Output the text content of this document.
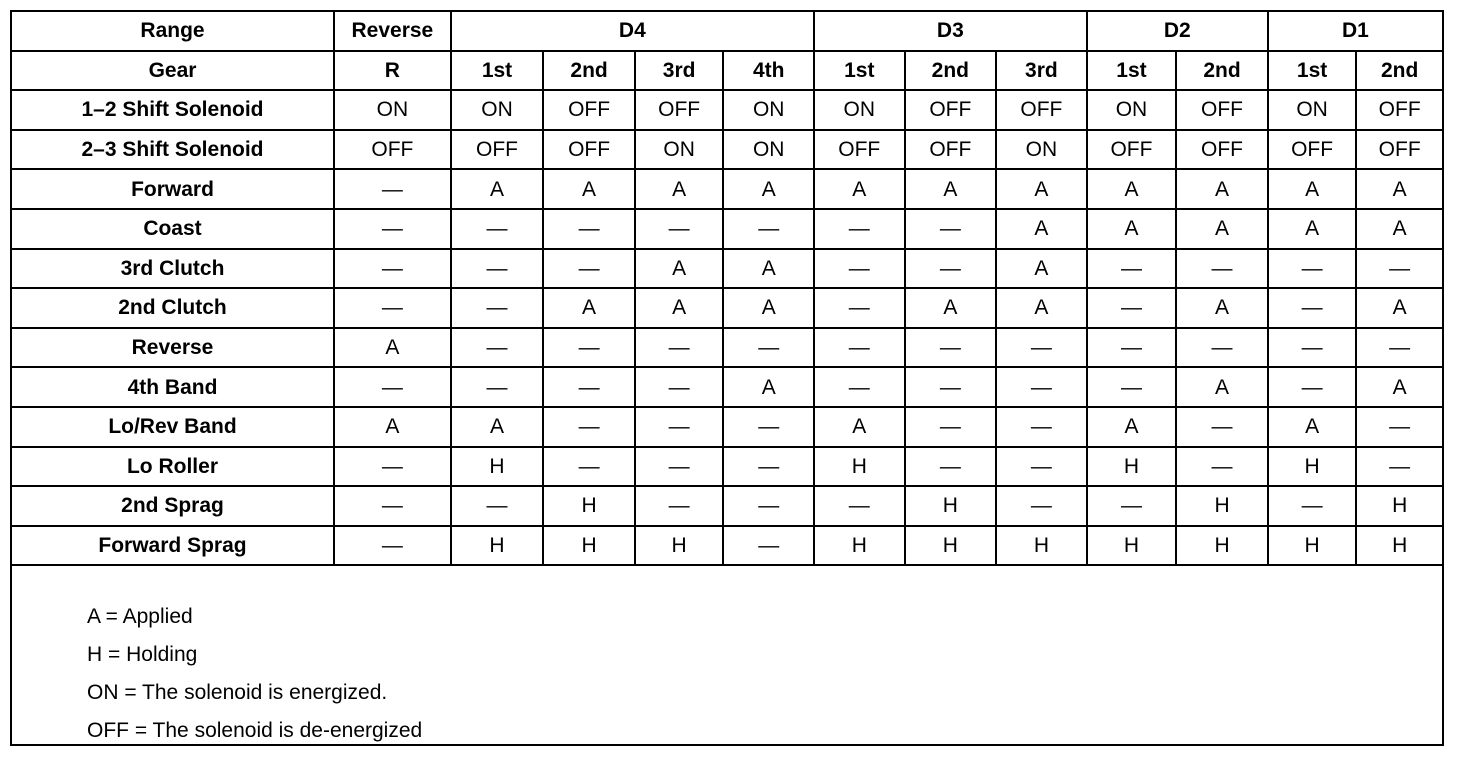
Range	Reverse	D4				D3			D2		D1	
Gear	R	1st	2nd	3rd	4th	1st	2nd	3rd	1st	2nd	1st	2nd
1–2 Shift Solenoid	ON	ON	OFF	OFF	ON	ON	OFF	OFF	ON	OFF	ON	OFF
2–3 Shift Solenoid	OFF	OFF	OFF	ON	ON	OFF	OFF	ON	OFF	OFF	OFF	OFF
Forward	—	A	A	A	A	A	A	A	A	A	A	A
Coast	—	—	—	—	—	—	—	A	A	A	A	A
3rd Clutch	—	—	—	A	A	—	—	A	—	—	—	—
2nd Clutch	—	—	A	A	A	—	A	A	—	A	—	A
Reverse	A	—	—	—	—	—	—	—	—	—	—	—
4th Band	—	—	—	—	A	—	—	—	—	A	—	A
Lo/Rev Band	A	A	—	—	—	A	—	—	A	—	A	—
Lo Roller	—	H	—	—	—	H	—	—	H	—	H	—
2nd Sprag	—	—	H	—	—	—	H	—	—	H	—	H
Forward Sprag	—	H	H	H	—	H	H	H	H	H	H	H
A = Applied
H = Holding
ON = The solenoid is energized.
OFF = The solenoid is de-energized
